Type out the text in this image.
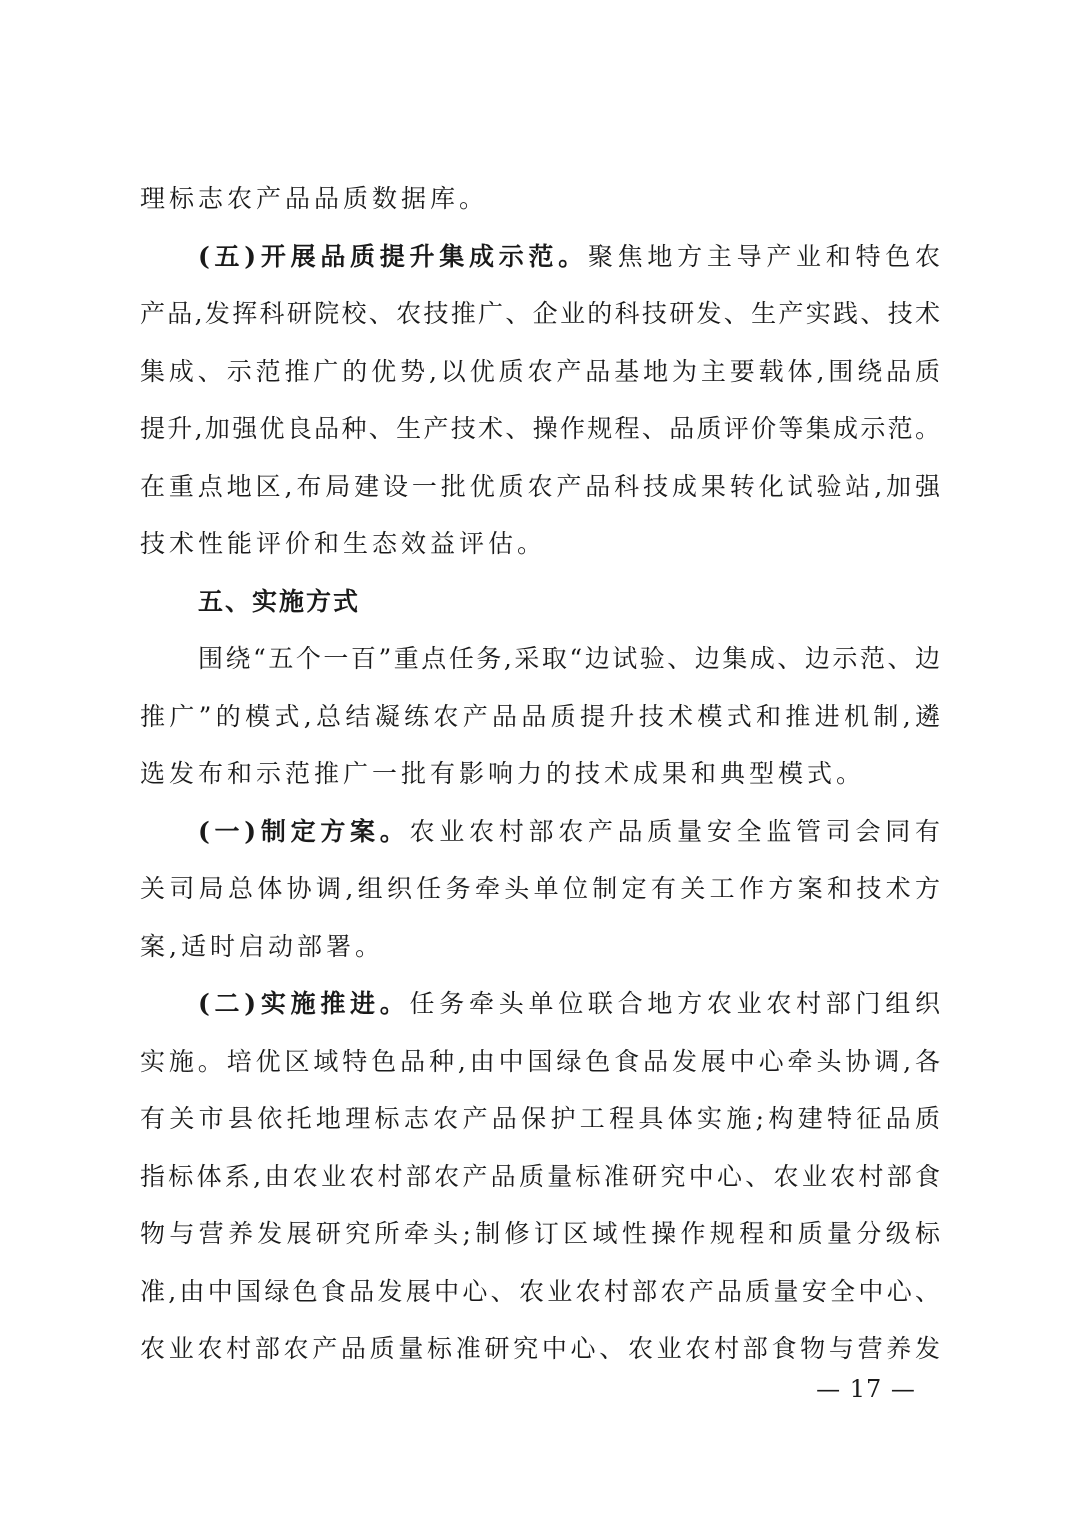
理标志农产品品质数据库。
(五)开展品质提升集成示范。聚焦地方主导产业和特色农
产品,发挥科研院校、农技推广、企业的科技研发、生产实践、技术
集成、示范推广的优势,以优质农产品基地为主要载体,围绕品质
提升,加强优良品种、生产技术、操作规程、品质评价等集成示范。
在重点地区,布局建设一批优质农产品科技成果转化试验站,加强
技术性能评价和生态效益评估。
五、实施方式
围绕“五个一百”重点任务,采取“边试验、边集成、边示范、边
推广”的模式,总结凝练农产品品质提升技术模式和推进机制,遴
选发布和示范推广一批有影响力的技术成果和典型模式。
(一)制定方案。农业农村部农产品质量安全监管司会同有
关司局总体协调,组织任务牵头单位制定有关工作方案和技术方
案,适时启动部署。
(二)实施推进。任务牵头单位联合地方农业农村部门组织
实施。培优区域特色品种,由中国绿色食品发展中心牵头协调,各
有关市县依托地理标志农产品保护工程具体实施;构建特征品质
指标体系,由农业农村部农产品质量标准研究中心、农业农村部食
物与营养发展研究所牵头;制修订区域性操作规程和质量分级标
准,由中国绿色食品发展中心、农业农村部农产品质量安全中心、
农业农村部农产品质量标准研究中心、农业农村部食物与营养发
— 17 —
